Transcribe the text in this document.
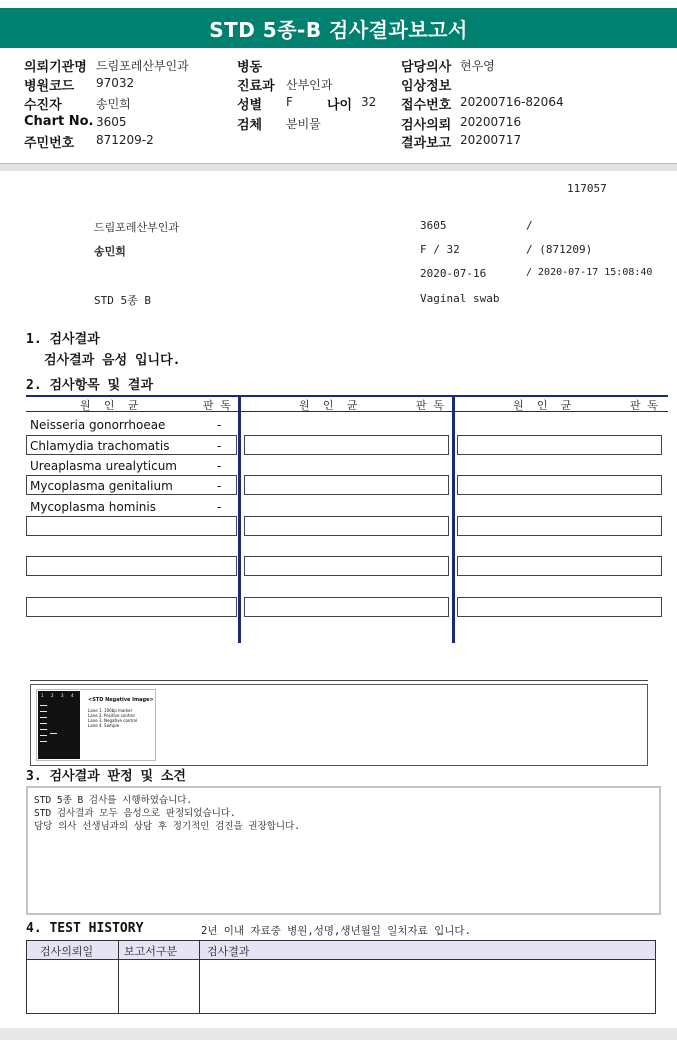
STD 5종-B 검사결과보고서
의뢰기관명 드림포레산부인과
병원코드 97032
수진자	송민희
Chart No. 3605
주민번호 871209-2
병동
진료과 산부인과
성별 F	나이 32
검체 분비물
담당의사 현우영
임상정보
접수번호 20200716-82064
검사의뢰 20200716
결과보고 20200717
117057
드림포레산부인과
송민희
STD 5종 B
3605	/
F / 32	/ (871209)
2020-07-16	/ 2020-07-17 15:08:40
Vaginal swab
1. 검사결과
검사결과 음성 입니다.
2. 검사항목 및 결과
원  인  균	판 독	원  인  균	판 독	원  인  균	판 독
Neisseria gonorrhoeae	-
Chlamydia trachomatis	-
Ureaplasma urealyticum	-
Mycoplasma genitalium	-
Mycoplasma hominis	-
1 2 3 4
<STD Negative Image>
Lane 1. 100bp marker
Lane 2. Positive control
Lane 3. Negative control
Lane 4. Sample
3. 검사결과 판정 및 소견
STD 5종 B 검사를 시행하였습니다.
STD 검사결과 모두 음성으로 판정되었습니다.
담당 의사 선생님과의 상담 후 정기적인 검진을 권장합니다.
4. TEST HISTORY	2년 이내 자료중 병원,성명,생년월일 일치자료 입니다.
검사의뢰일	보고서구분	검사결과
